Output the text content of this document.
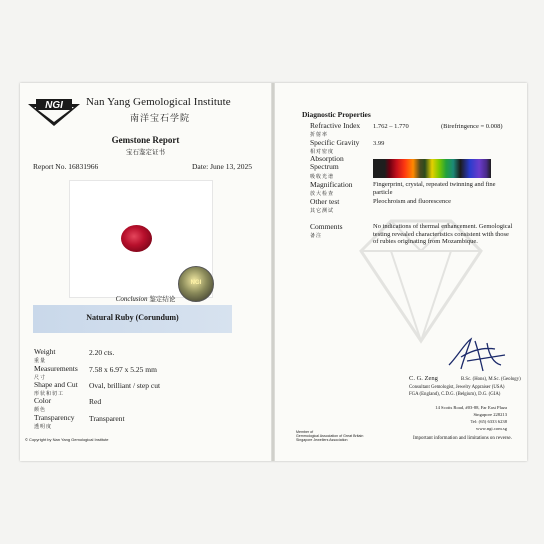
NGI Nan Yang Gemological Institute
南洋宝石学院
Gemstone Report
宝石鉴定证书
Report No. 16831966	Date: June 13, 2025
NGI
Conclusion 鉴定结论
Natural Ruby (Corundum)
Weight
重量
2.20 cts.
Measurements
尺寸
7.58 x 6.97 x 5.25 mm
Shape and Cut
形状和切工
Oval, brilliant / step cut
Color
颜色
Red
Transparency
透明度
Transparent
© Copyright by Nan Yang Gemological Institute
Diagnostic Properties
Refractive Index
折射率
1.762 – 1.770	(Birefringence = 0.008)
Specific Gravity
相对密度
3.99
Absorption Spectrum
吸收光谱
Magnification
放大检查
Fingerprint, crystal, repeated twinning and fine particle
Other test
其它测试
Pleochroism and fluorescence
Comments
备注
No indications of thermal enhancement. Gemological testing revealed characteristics consistent with those of rubies originating from Mozambique.
C. G. Zeng	B.Sc. (Hons), M.Sc. (Geology)
Consultant Gemologist, Jewelry Appraiser (USA)
FGA (England), C.D.G. (Belgium), D.G. (GIA)
14 Scotts Road, #03-88, Far East Plaza
Singapore 228213
Tel: (65) 6333 6238
www.ngi.com.sg
Member of
Gemmological Association of Great Britain
Singapore Jewellers Association	Important information and limitations on reverse.
